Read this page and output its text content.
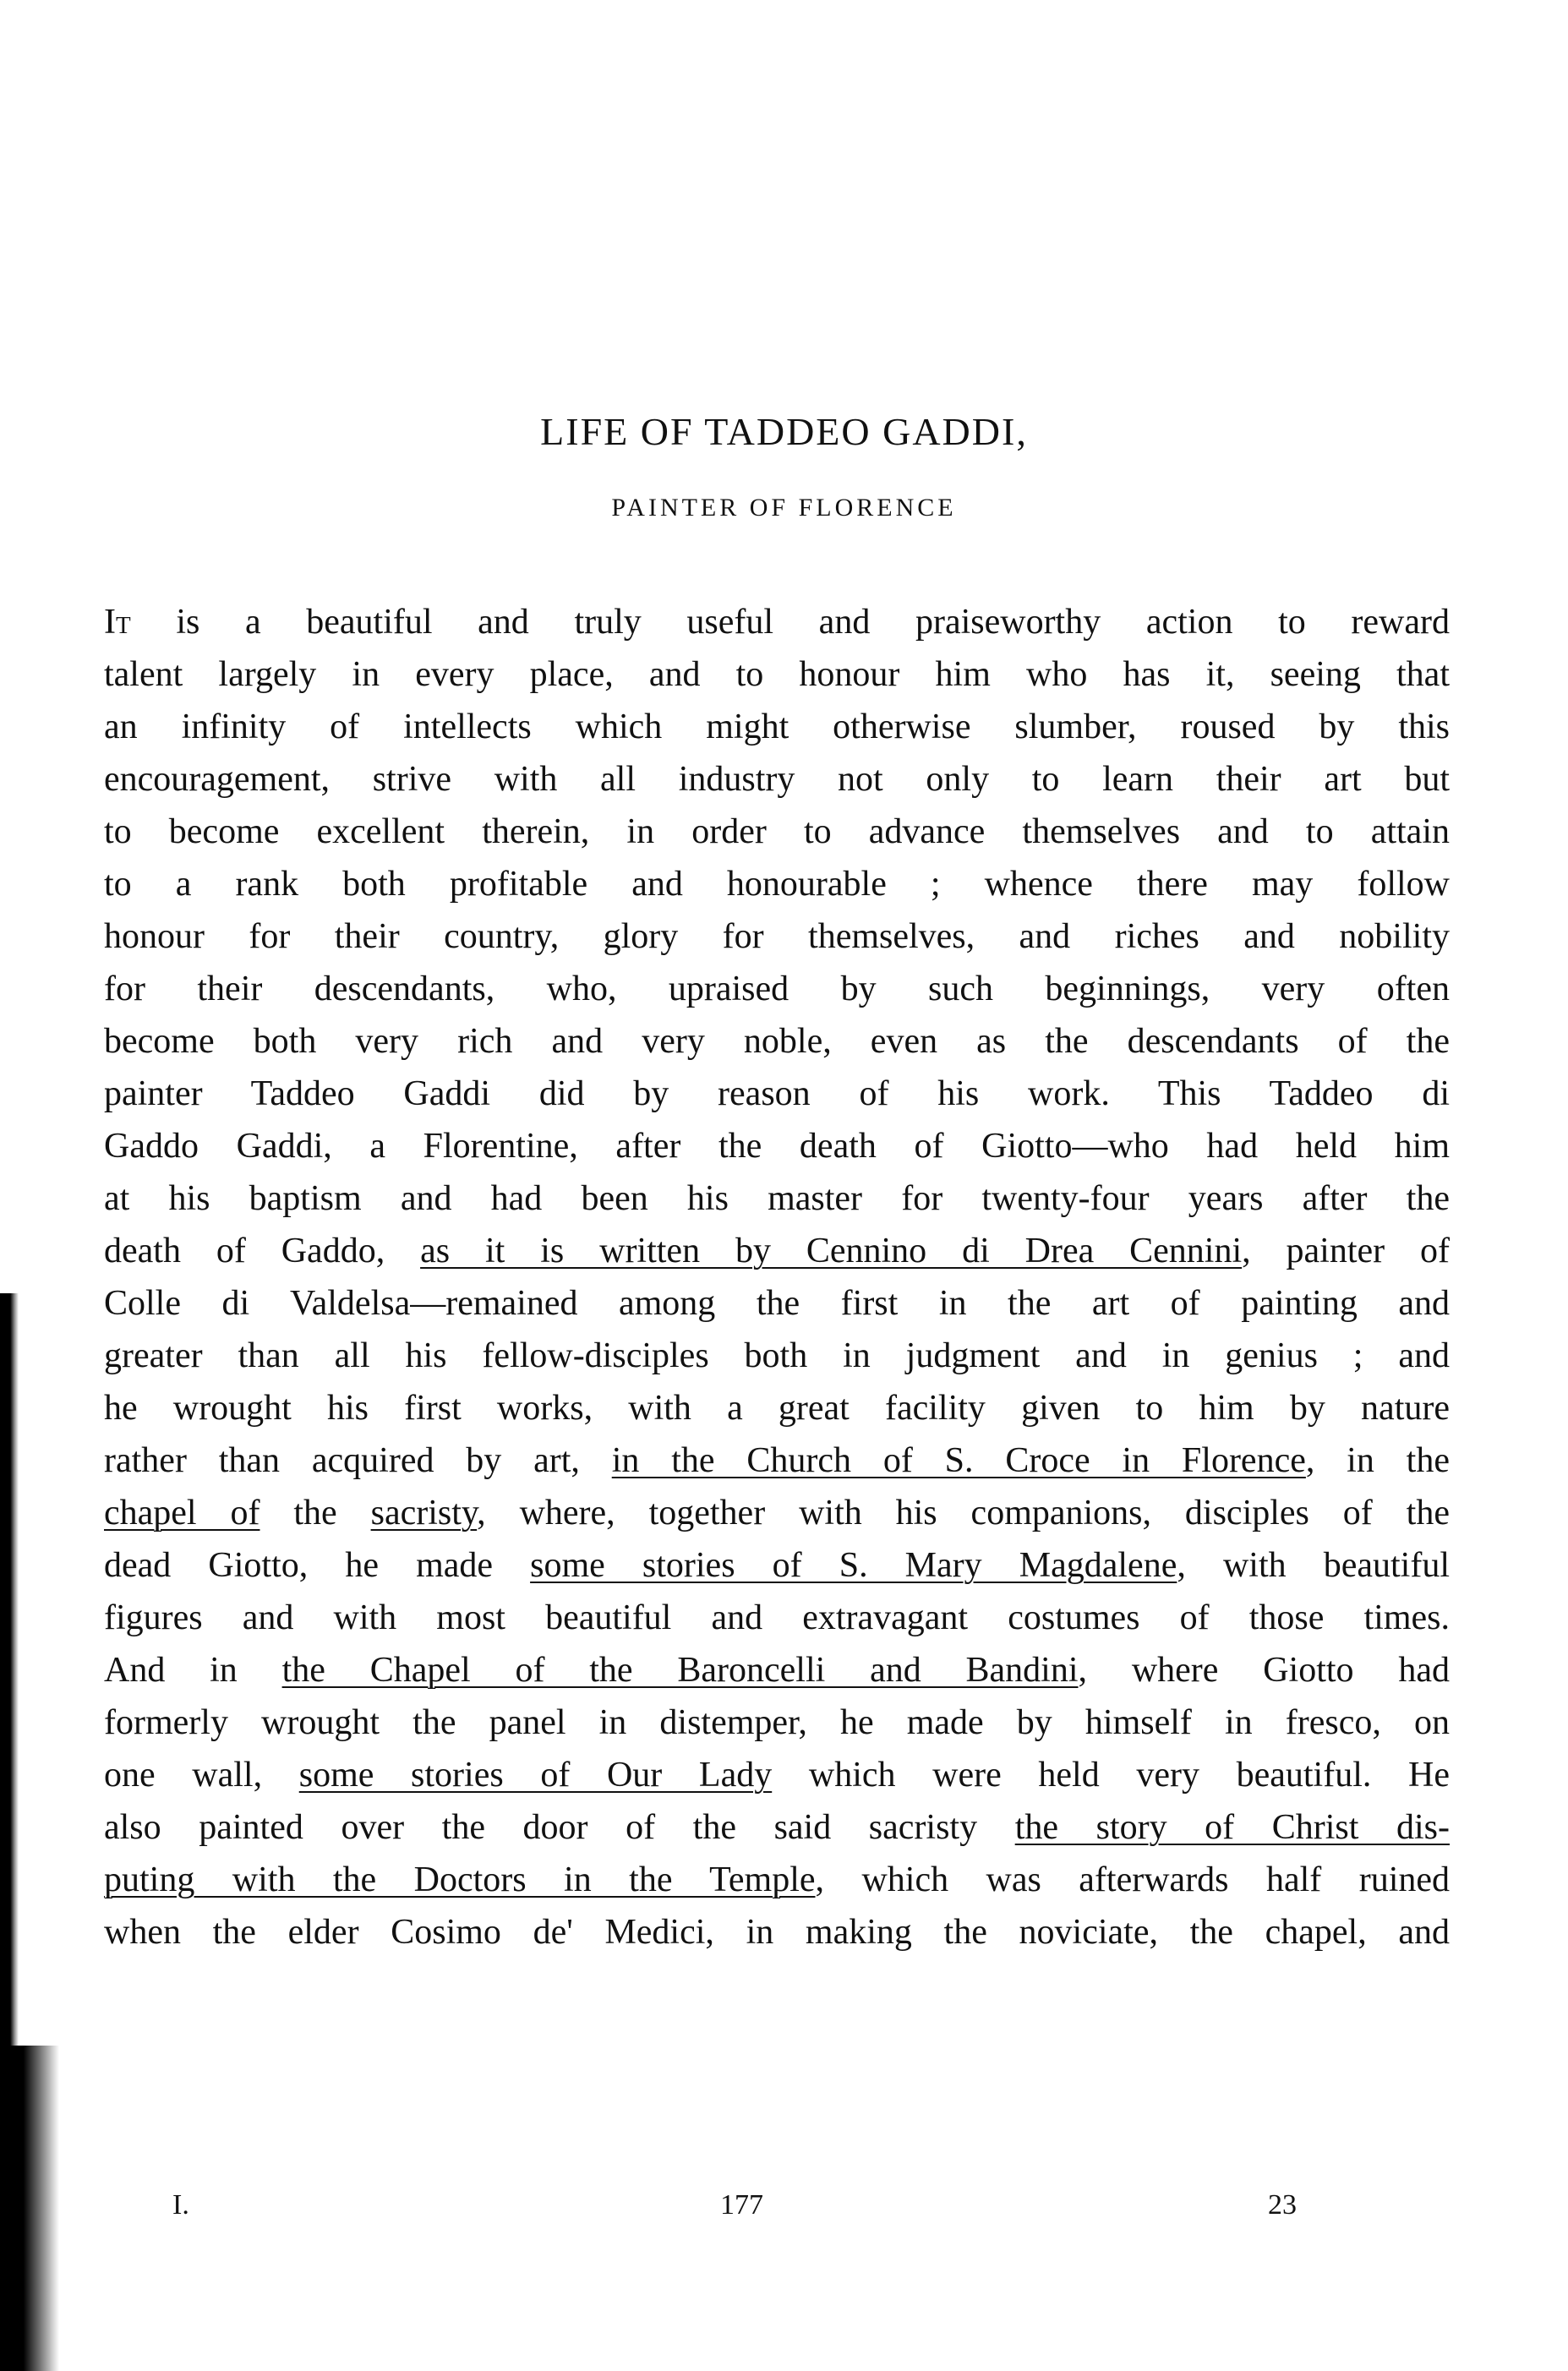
LIFE OF TADDEO GADDI,
PAINTER OF FLORENCE
It is a beautiful and truly useful and praiseworthy action to reward
talent largely in every place, and to honour him who has it, seeing that
an infinity of intellects which might otherwise slumber, roused by this
encouragement, strive with all industry not only to learn their art but
to become excellent therein, in order to advance themselves and to attain
to a rank both profitable and honourable ; whence there may follow
honour for their country, glory for themselves, and riches and nobility
for their descendants, who, upraised by such beginnings, very often
become both very rich and very noble, even as the descendants of the
painter Taddeo Gaddi did by reason of his work. This Taddeo di
Gaddo Gaddi, a Florentine, after the death of Giotto—who had held him
at his baptism and had been his master for twenty-four years after the
death of Gaddo, as it is written by Cennino di Drea Cennini, painter of
Colle di Valdelsa—remained among the first in the art of painting and
greater than all his fellow-disciples both in judgment and in genius ; and
he wrought his first works, with a great facility given to him by nature
rather than acquired by art, in the Church of S. Croce in Florence, in the
chapel of the sacristy, where, together with his companions, disciples of the
dead Giotto, he made some stories of S. Mary Magdalene, with beautiful
figures and with most beautiful and extravagant costumes of those times.
And in the Chapel of the Baroncelli and Bandini, where Giotto had
formerly wrought the panel in distemper, he made by himself in fresco, on
one wall, some stories of Our Lady which were held very beautiful. He
also painted over the door of the said sacristy the story of Christ dis-
puting with the Doctors in the Temple, which was afterwards half ruined
when the elder Cosimo de' Medici, in making the noviciate, the chapel, and
I.	177	23
